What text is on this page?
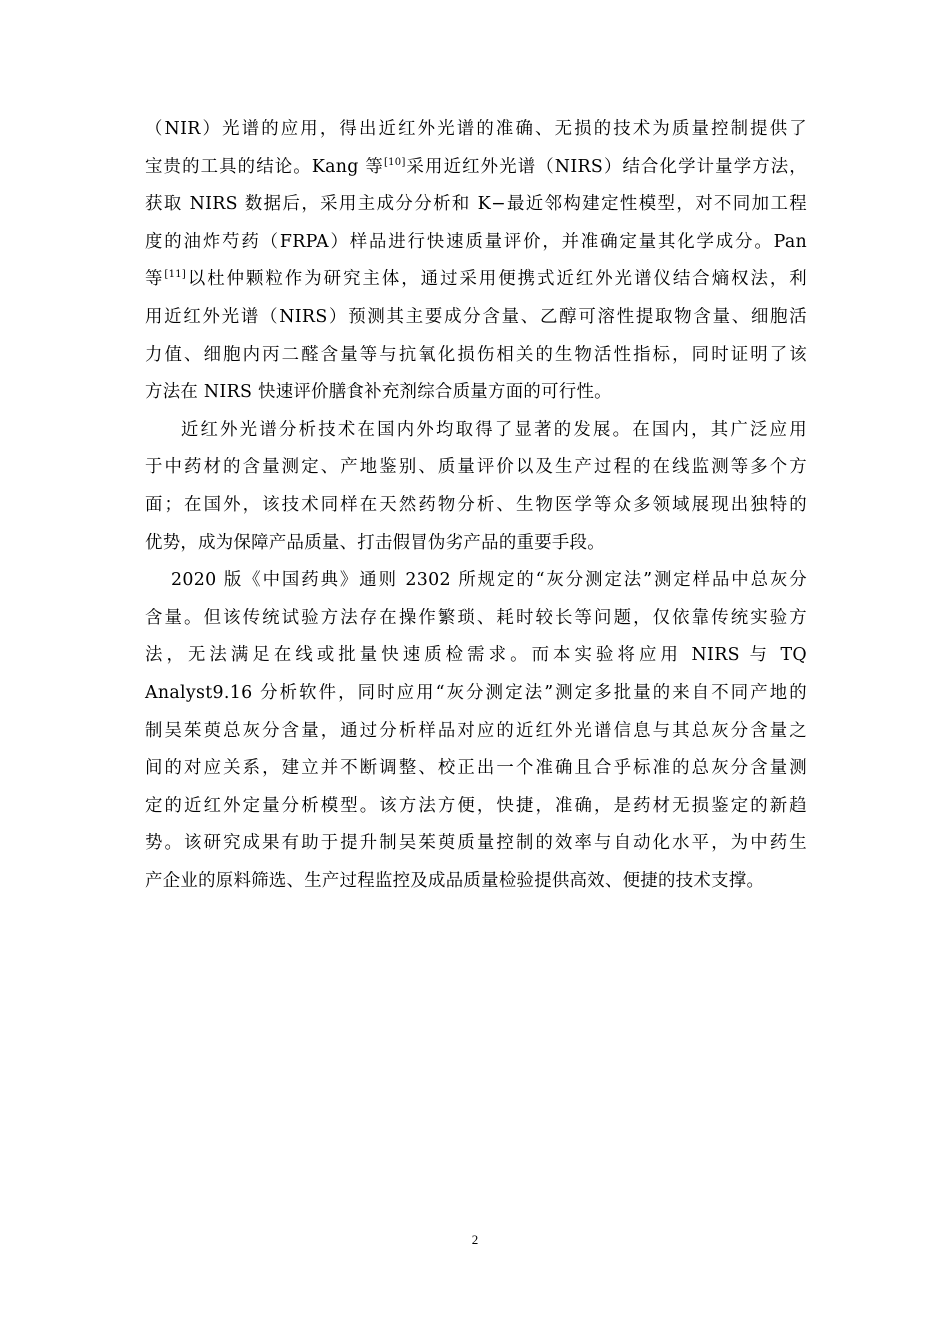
（NIR）光谱的应用，得出近红外光谱的准确、无损的技术为质量控制提供了
宝贵的工具的结论。Kang 等[10]采用近红外光谱（NIRS）结合化学计量学方法，
获取 NIRS 数据后，采用主成分分析和 K−最近邻构建定性模型，对不同加工程
度的油炸芍药（FRPA）样品进行快速质量评价，并准确定量其化学成分。Pan
等[11]以杜仲颗粒作为研究主体，通过采用便携式近红外光谱仪结合熵权法，利
用近红外光谱（NIRS）预测其主要成分含量、乙醇可溶性提取物含量、细胞活
力值、细胞内丙二醛含量等与抗氧化损伤相关的生物活性指标，同时证明了该
方法在 NIRS 快速评价膳食补充剂综合质量方面的可行性。

近红外光谱分析技术在国内外均取得了显著的发展。在国内，其广泛应用
于中药材的含量测定、产地鉴别、质量评价以及生产过程的在线监测等多个方
面；在国外，该技术同样在天然药物分析、生物医学等众多领域展现出独特的
优势，成为保障产品质量、打击假冒伪劣产品的重要手段。

2020 版《中国药典》通则 2302 所规定的“灰分测定法”测定样品中总灰分
含量。但该传统试验方法存在操作繁琐、耗时较长等问题，仅依靠传统实验方
法，无法满足在线或批量快速质检需求。而本实验将应用 NIRS 与 TQ
Analyst9.16 分析软件，同时应用“灰分测定法”测定多批量的来自不同产地的
制吴茱萸总灰分含量，通过分析样品对应的近红外光谱信息与其总灰分含量之
间的对应关系，建立并不断调整、校正出一个准确且合乎标准的总灰分含量测
定的近红外定量分析模型。该方法方便，快捷，准确，是药材无损鉴定的新趋
势。该研究成果有助于提升制吴茱萸质量控制的效率与自动化水平，为中药生
产企业的原料筛选、生产过程监控及成品质量检验提供高效、便捷的技术支撑。

2
